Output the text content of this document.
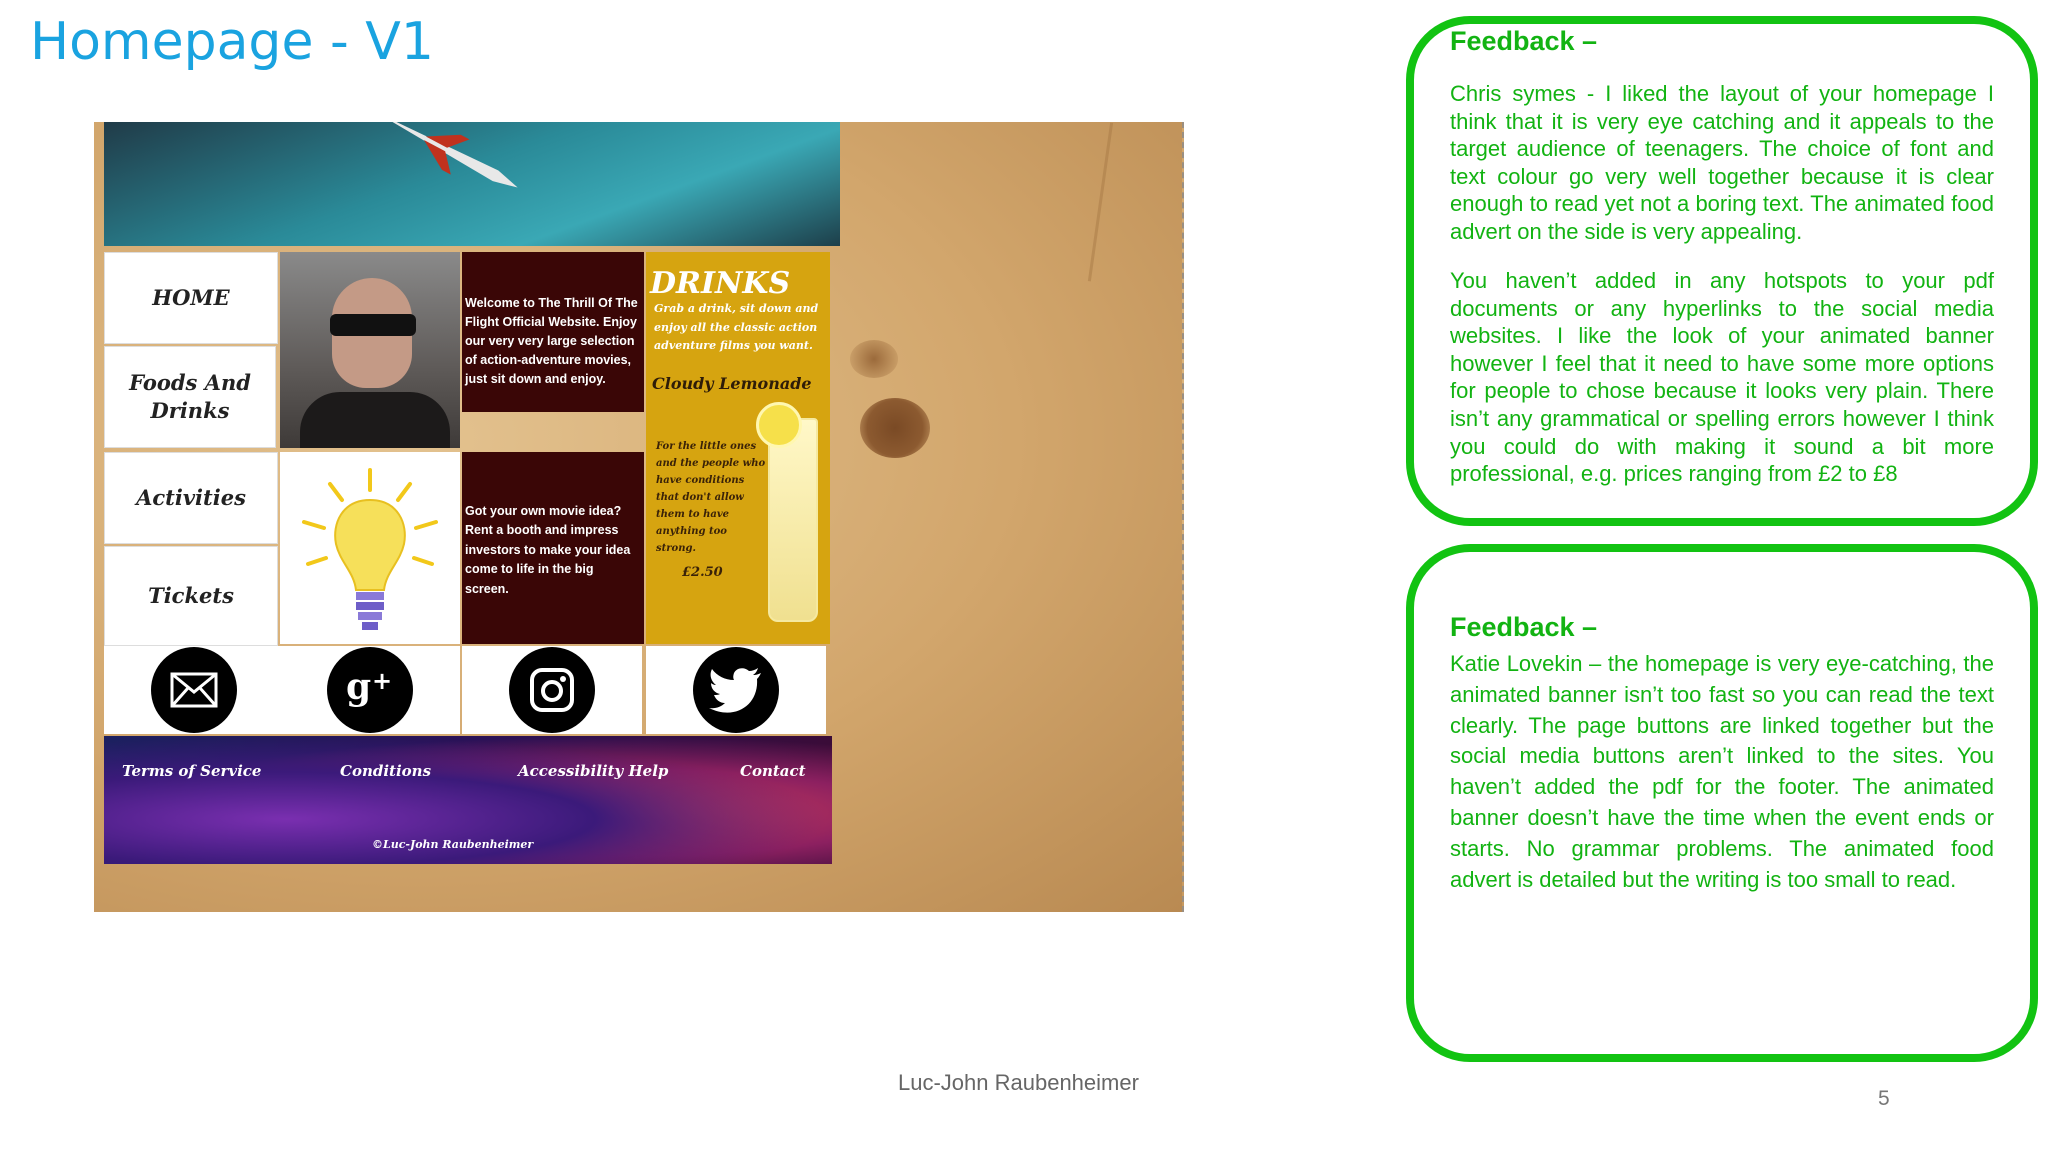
Homepage - V1
HOME
Foods And Drinks
Activities
Tickets
Welcome to The Thrill Of The Flight Official Website. Enjoy our very very large selection of action-adventure movies, just sit down and enjoy.
Got your own movie idea? Rent a booth and impress investors to make your idea come to life in the big screen.
DRINKS
Grab a drink, sit down and enjoy all the classic action adventure films you want.
Cloudy Lemonade
For the little ones and the people who have conditions that don't allow them to have anything too strong.
£2.50
g +
Terms of Service	Conditions	Accessibility Help	Contact
©Luc-John Raubenheimer

Feedback –

Chris symes - I liked the layout of your homepage I think that it is very eye catching and it appeals to the target audience of teenagers. The choice of font and text colour go very well together because it is clear enough to read yet not a boring text. The animated food advert on the side is very appealing.

You haven’t added in any hotspots to your pdf documents or any hyperlinks to the social media websites. I like the look of your animated banner however I feel that it need to have some more options for people to chose because it looks very plain. There isn’t any grammatical or spelling errors however I think you could do with making it sound a bit more professional, e.g. prices ranging from £2 to £8

Feedback –

Katie Lovekin – the homepage is very eye-catching, the animated banner isn’t too fast so you can read the text clearly. The page buttons are linked together but the social media buttons aren’t linked to the sites. You haven’t added the pdf for the footer. The animated banner doesn’t have the time when the event ends or starts. No grammar problems. The animated food advert is detailed but the writing is too small to read.

Luc-John Raubenheimer
5
